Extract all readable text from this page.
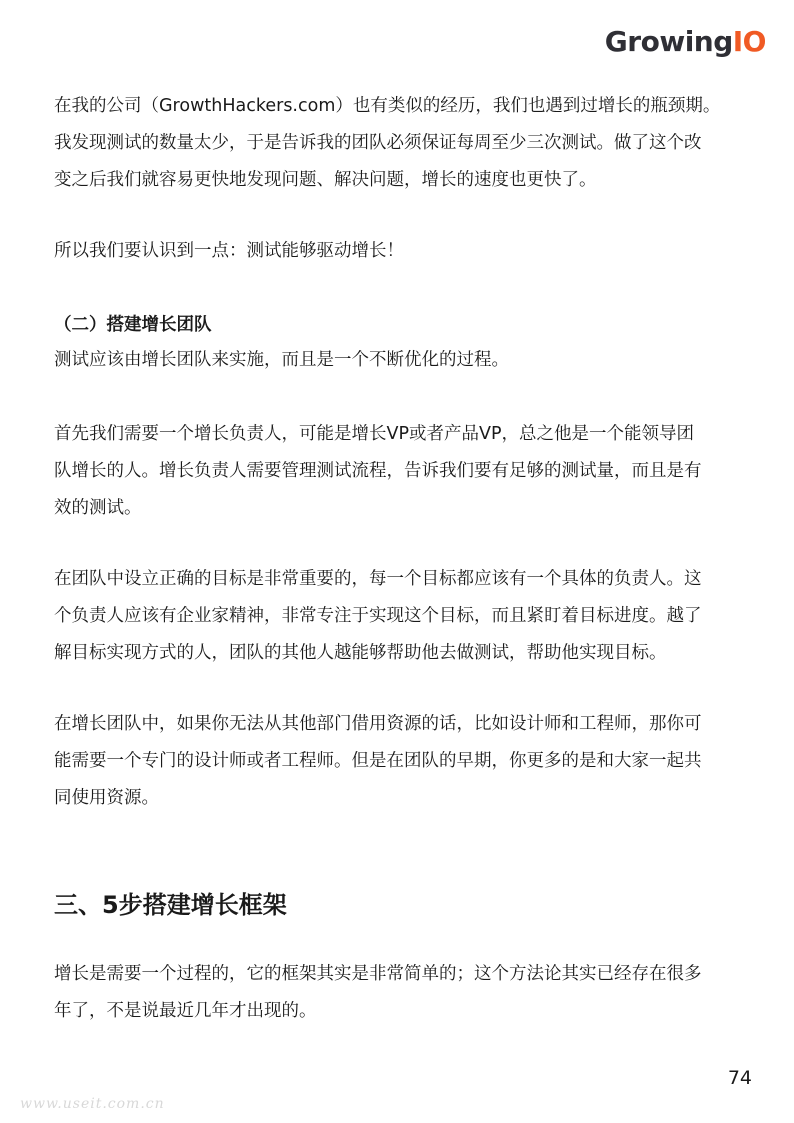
GrowingIO

在我的公司（GrowthHackers.com）也有类似的经历，我们也遇到过增长的瓶颈期。

我发现测试的数量太少，于是告诉我的团队必须保证每周至少三次测试。做了这个改

变之后我们就容易更快地发现问题、解决问题，增长的速度也更快了。

所以我们要认识到一点：测试能够驱动增长！

（二）搭建增长团队

测试应该由增长团队来实施，而且是一个不断优化的过程。

首先我们需要一个增长负责人，可能是增长VP或者产品VP，总之他是一个能领导团

队增长的人。增长负责人需要管理测试流程，告诉我们要有足够的测试量，而且是有

效的测试。

在团队中设立正确的目标是非常重要的，每一个目标都应该有一个具体的负责人。这

个负责人应该有企业家精神，非常专注于实现这个目标，而且紧盯着目标进度。越了

解目标实现方式的人，团队的其他人越能够帮助他去做测试，帮助他实现目标。

在增长团队中，如果你无法从其他部门借用资源的话，比如设计师和工程师，那你可

能需要一个专门的设计师或者工程师。但是在团队的早期，你更多的是和大家一起共

同使用资源。

三、5步搭建增长框架

增长是需要一个过程的，它的框架其实是非常简单的；这个方法论其实已经存在很多

年了，不是说最近几年才出现的。

74
www.useit.com.cn
